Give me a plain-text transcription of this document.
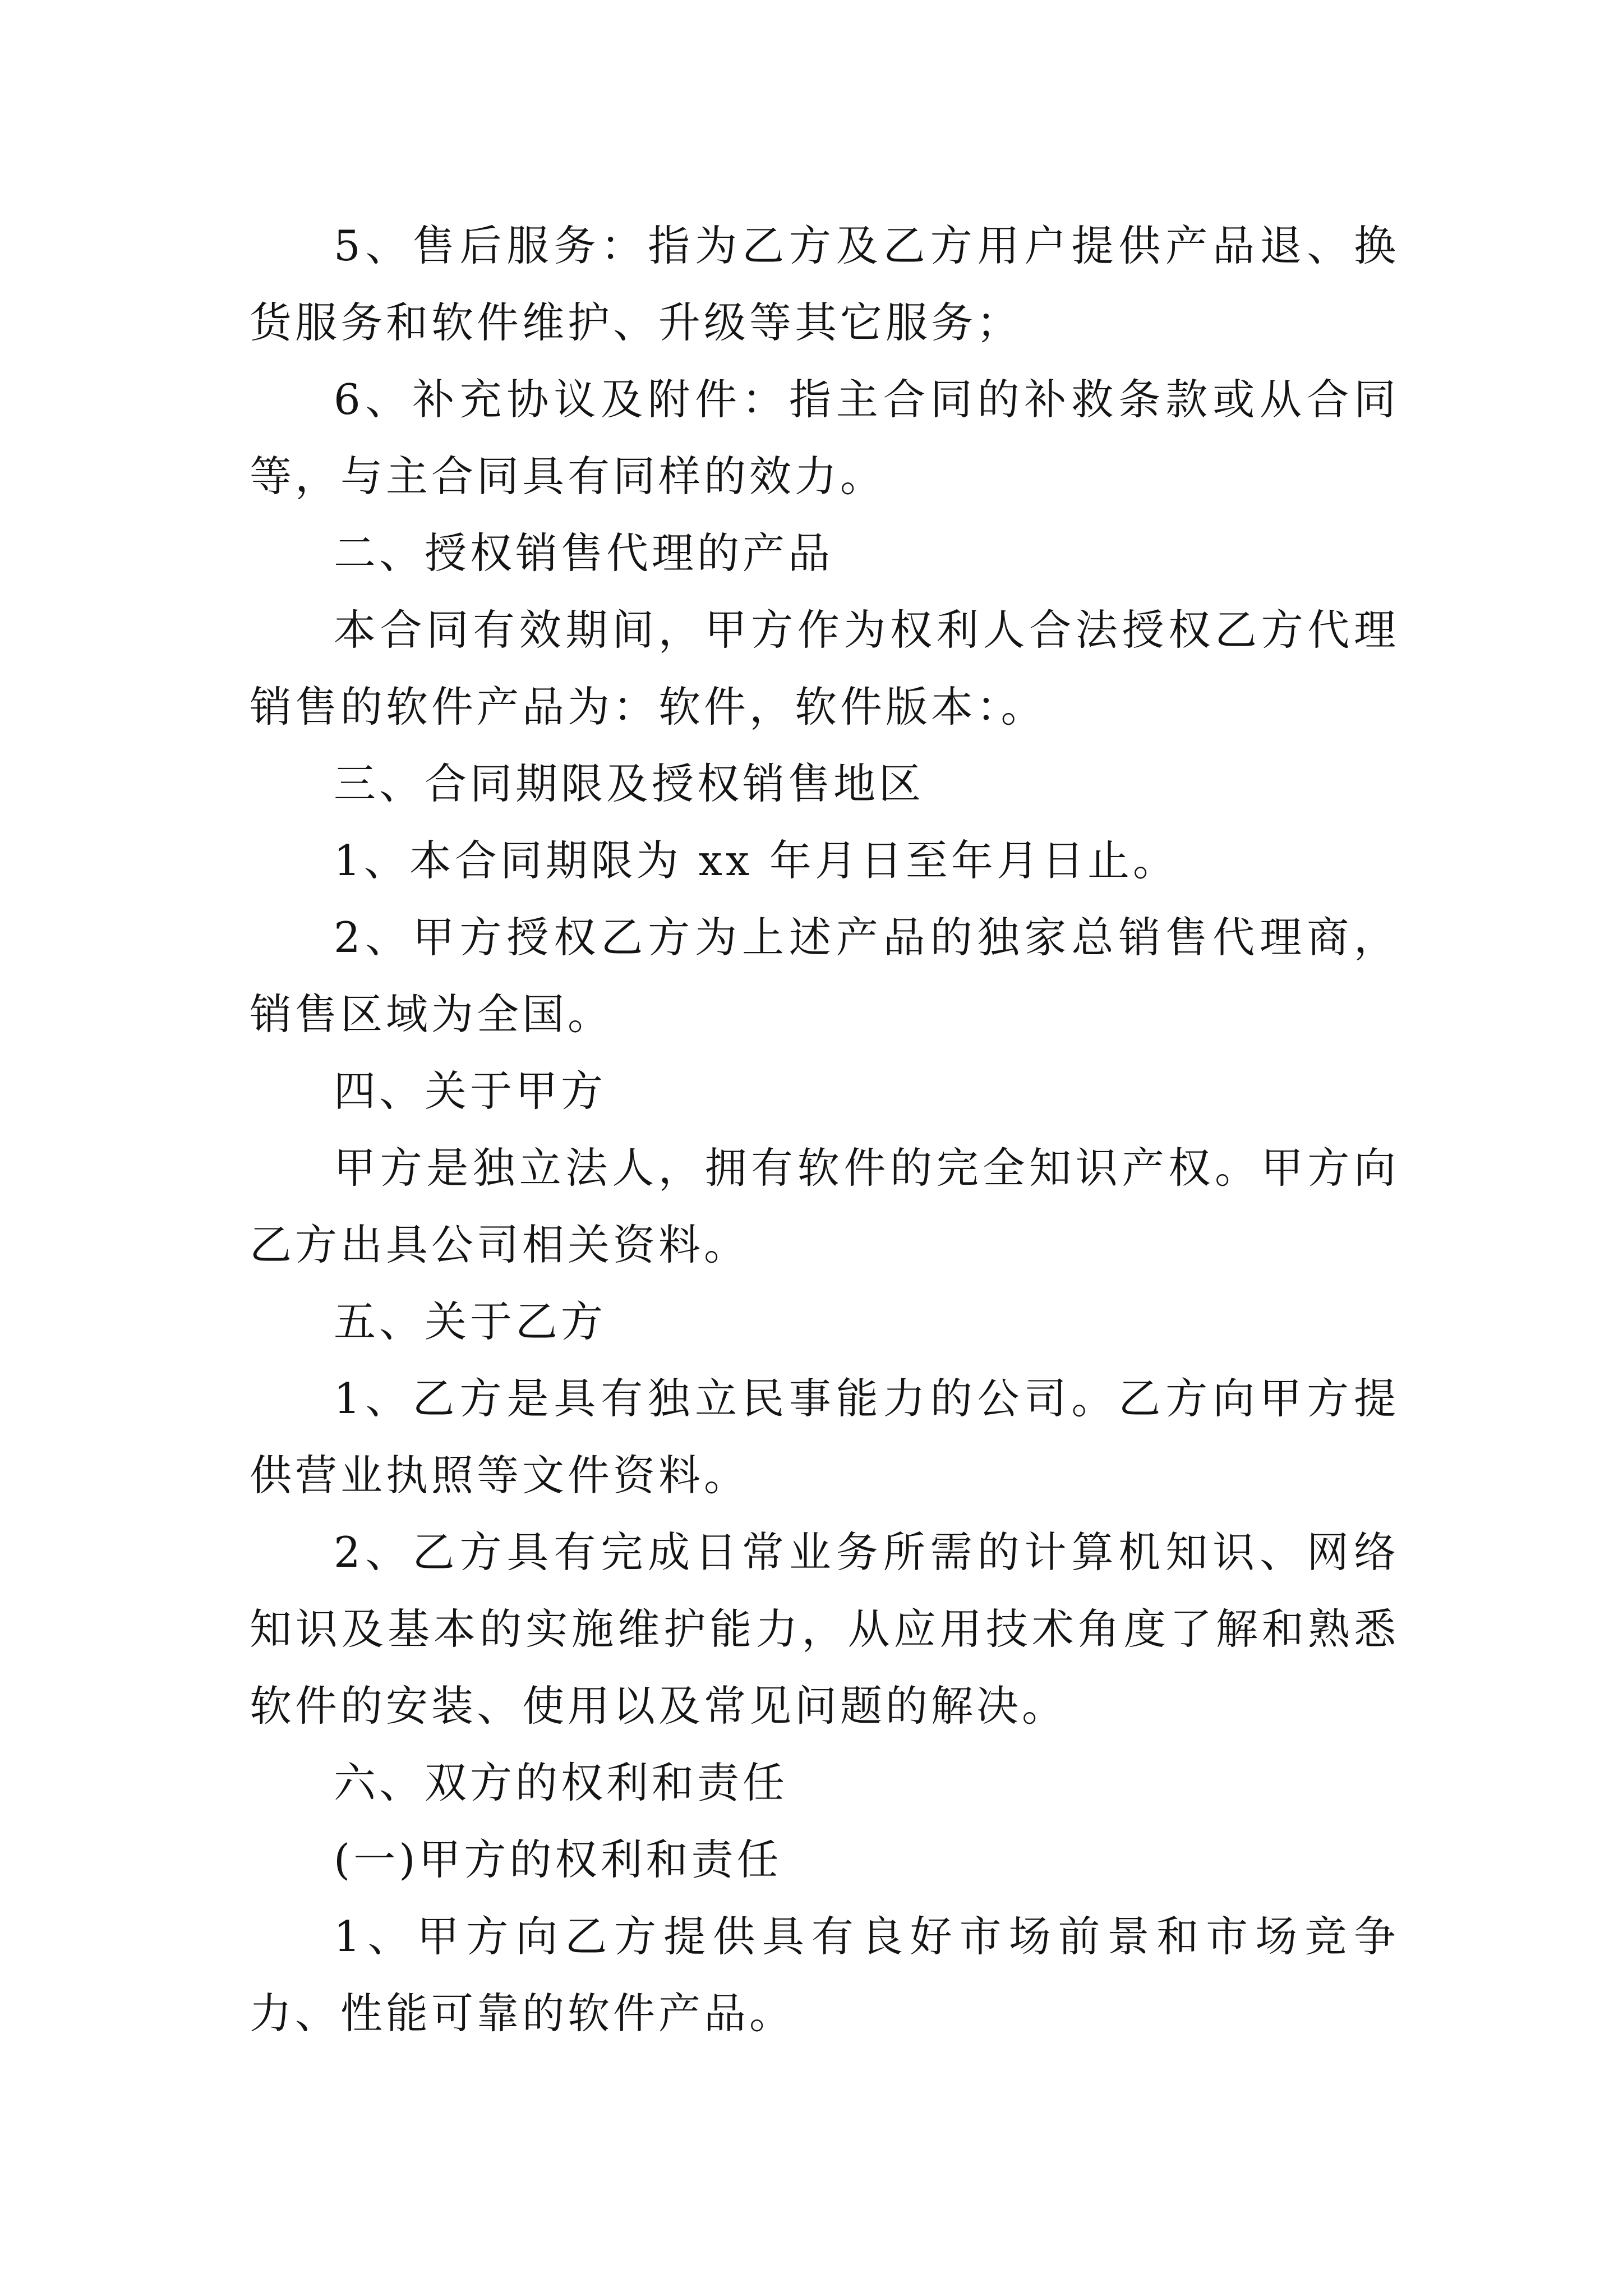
5、售后服务：指为乙方及乙方用户提供产品退、换货服务和软件维护、升级等其它服务；

6、补充协议及附件：指主合同的补救条款或从合同等，与主合同具有同样的效力。

二、授权销售代理的产品

本合同有效期间，甲方作为权利人合法授权乙方代理销售的软件产品为：软件，软件版本：。

三、合同期限及授权销售地区

1、本合同期限为 xx 年月日至年月日止。

2、甲方授权乙方为上述产品的独家总销售代理商，销售区域为全国。

四、关于甲方

甲方是独立法人，拥有软件的完全知识产权。甲方向乙方出具公司相关资料。

五、关于乙方

1、乙方是具有独立民事能力的公司。乙方向甲方提供营业执照等文件资料。

2、乙方具有完成日常业务所需的计算机知识、网络知识及基本的实施维护能力，从应用技术角度了解和熟悉软件的安装、使用以及常见问题的解决。

六、双方的权利和责任

(一)甲方的权利和责任

1、甲方向乙方提供具有良好市场前景和市场竞争力、性能可靠的软件产品。
